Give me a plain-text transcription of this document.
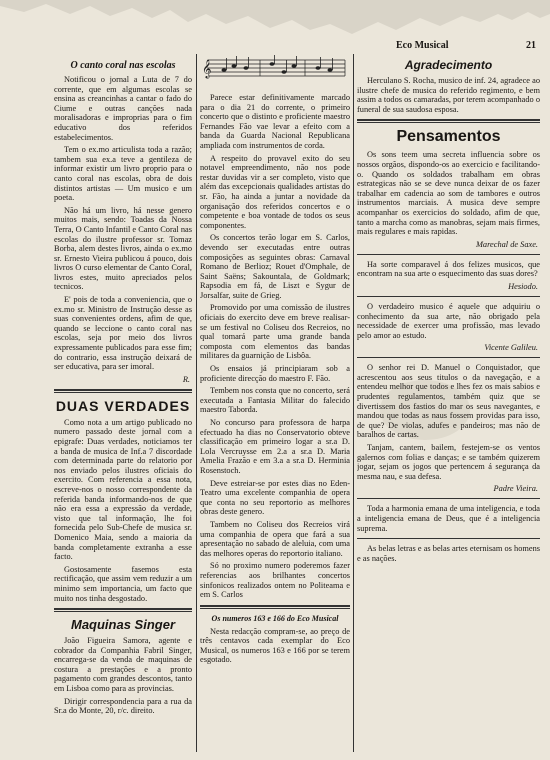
Eco Musical	21
O canto coral nas escolas

Notificou o jornal a Luta de 7 do corrente, que em algumas escolas se ensina as creancinhas a cantar o fado do Ciume e outras canções nada moralisadoras e improprias para o fim educativo dos referidos estabelecimentos.

Tem o ex.mo articulista toda a razão; tambem sua ex.a teve a gentileza de informar existir um livro proprio para o canto coral nas escolas, obra de dois distintos artistas — Um musico e um poeta.

Não há um livro, há nesse genero muitos mais, sendo: Toadas da Nossa Terra, O Canto Infantil e Canto Coral nas escolas do ilustre professor sr. Tomaz Borba, alem destes livros, ainda o ex.mo sr. Ernesto Vieira publicou á pouco, dois livros O curso elementar de Canto Coral, livros estes, muito apreciados pelos tecnicos.

E' pois de toda a conveniencia, que o ex.mo sr. Ministro de Instrução desse as suas convenientes ordens, afim de que, quando se leccione o canto coral nas escolas, seja por meio dos livros expressamente publicados para esse fim; do contrario, essa instrução deixará de ser educativa, para ser imoral.

R.
DUAS VERDADES

Como nota a um artigo publicado no numero passado deste jornal com a epigrafe: Duas verdades, noticiamos ter a banda de musica de Inf.a 7 discordade com determinada parte do relatorio por nos enviado pelos ilustres oficiais do exercito. Com referencia a essa nota, escreve-nos o nosso correspondente da referida banda informando-nos de que não era essa a expressão da verdade, visto que tal informação, lhe foi fornecida pelo Sub-Chefe de musica sr. Domenico Maia, sendo a maioria da banda completamente extranha a esse facto.

Gostosamente fasemos esta rectificação, que assim vem reduzir a um minimo sem importancia, um facto que muito nos tinha desgostado.

Maquinas Singer

João Figueira Samora, agente e cobrador da Companhia Fabril Singer, encarrega-se da venda de maquinas de costura a prestações e a pronto pagamento com grandes descontos, tanto em Lisboa como para as provincias.

Dirigir correspondencia para a rua da Sr.a do Monte, 20, r/c. direito.

𝄞

Parece estar definitivamente marcado para o dia 21 do corrente, o primeiro concerto que o distinto e proficiente maestro Fernandes Fão vae levar a efeito com a banda da Guarda Nacional Republicana ampliada com instrumentos de corda.

A respeito do provavel exito do seu notavel empreendimento, não nos pode restar duvidas vir a ser completo, visto que além das excepcionais qualidades artistas do sr. Fão, ha ainda a juntar a novidade da organisação dos referidos concertos e o competente e boa vontade de todos os seus componentes.

Os concertos terão logar em S. Carlos, devendo ser executadas entre outras composições as seguintes obras: Carnaval Romano de Berlioz; Rouet d'Omphale, de Saint Saëns; Sakountala, de Goldmark; Rapsodia em fá, de Liszt e Sygur de Jorsalfar, suite de Grieg.

Promovido por uma comissão de ilustres oficiais do exercito deve em breve realisar-se um festival no Coliseu dos Recreios, no qual tomará parte uma grande banda composta com elementos das bandas militares da guarnição de Lisbôa.

Os ensaios já principiaram sob a proficiente direcção do maestro F. Fão.

Tembem nos consta que no concerto, será executada a Fantasia Militar do falecido maestro Taborda.

No concurso para professora de harpa efectuado ha dias no Conservatorio obteve classificação em primeiro logar a sr.a D. Lola Vercruysse em 2.a a sr.a D. Maria Amelia Frazão e em 3.a a sr.a D. Herminia Rosenstoch.

Deve estreiar-se por estes dias no Eden-Teatro uma excelente companhia de opera que conta no seu reportorio as melhores obras deste genero.

Tambem no Coliseu dos Recreios virá uma companhia de opera que fará a sua apresentação no sabado de aleluia, com uma das melhores operas do reportorio italiano.

Só no proximo numero poderemos fazer referencias aos brilhantes concertos sinfonicos realizados ontem no Politeama e em S. Carlos

Os numeros 163 e 166 do Eco Musical

Nesta redacção compram-se, ao preço de três centavos cada exemplar do Eco Musical, os numeros 163 e 166 por se terem esgotado.

Agradecimento

Herculano S. Rocha, musico de inf. 24, agradece ao ilustre chefe de musica do referido regimento, e bem assim a todos os camaradas, por terem acompanhado o funeral de sua saudosa esposa.

Pensamentos

Os sons teem uma secreta influencia sobre os nossos orgãos, dispondo-os ao exercicio e facilitando-o. Quando os soldados trabalham em obras estrategicas não se se deve nunca deixar de os fazer trabalhar em cadencia ao som de tambores e outros instrumentos marciais. A musica deve sempre acompanhar os exercicios do soldado, afim de que, tanto a marcha como as manobras, sejam mais firmes, mais regulares e mais rapidas.

Marechal de Saxe.

Ha sorte comparavel á dos felizes musicos, que encontram na sua arte o esquecimento das suas dores?

Hesiodo.

O verdadeiro musico é aquele que adquiriu o conhecimento da sua arte, não obrigado pela necessidade de exercer uma profissão, mas levado pelo amor ao estudo.

Vicente Galileu.

O senhor rei D. Manuel o Conquistador, que acrescentou aos seus titulos o da navegação, e a entendeu melhor que todos e lhes fez os mais sabios e prudentes regulamentos, também quiz que se divertissem dos fastios do mar os seus navegantes, e mandou que todas as naus fossem providas para isso, de que? De violas, adufes e pandeiros; mas não de baralhos de cartas.

Tanjam, cantem, bailem, festejem-se os ventos galernos com folias e danças; e se também quizerem jogar, sejam os jogos que pertencem á segurança da mesma nau, e sua defesa.

Padre Vieira.

Toda a harmonia emana de uma inteligencia, e toda a inteligencia emana de Deus, que é a inteligencia suprema.

As belas letras e as belas artes eternisam os homens e as nações.
